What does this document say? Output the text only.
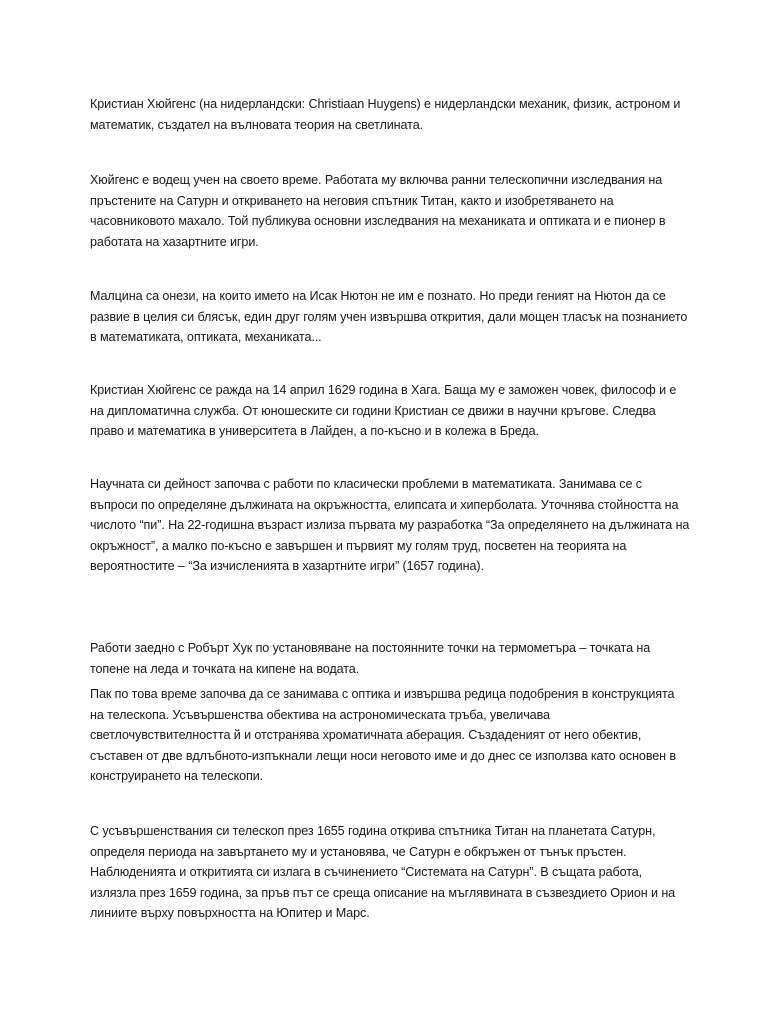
Кристиан Хюйгенс (на нидерландски: Christiaan Huygens) е нидерландски механик, физик, астроном и математик, създател на вълновата теория на светлината.

Хюйгенс е водещ учен на своето време. Работата му включва ранни телескопични изследвания на пръстените на Сатурн и откриването на неговия спътник Титан, както и изобретяването на часовниковото махало. Той публикува основни изследвания на механиката и оптиката и е пионер в работата на хазартните игри.

Малцина са онези, на които името на Исак Нютон не им е познато. Но преди геният на Нютон да се развие в целия си блясък, един друг голям учен извършва открития, дали мощен тласък на познанието в математиката, оптиката, механиката...

Кристиан Хюйгенс се ражда на 14 април 1629 година в Хага. Баща му е заможен човек, философ и е на дипломатична служба. От юношеските си години Кристиан се движи в научни кръгове. Следва право и математика в университета в Лайден, а по-късно и в колежа в Бреда.

Научната си дейност започва с работи по класически проблеми в математиката. Занимава се с въпроси по определяне дължината на окръжността, елипсата и хиперболата. Уточнява стойността на числото “пи”. На 22-годишна възраст излиза първата му разработка “За определянето на дължината на окръжност”, а малко по-късно е завършен и първият му голям труд, посветен на теорията на вероятностите – “За изчисленията в хазартните игри” (1657 година).

Работи заедно с Робърт Хук по установяване на постоянните точки на термометъра – точката на топене на леда и точката на кипене на водата.

Пак по това време започва да се занимава с оптика и извършва редица подобрения в конструкцията на телескопа. Усъвършенства обектива на астрономическата тръба, увеличава светлочувствителността й и отстранява хроматичната аберация. Създаденият от него обектив, съставен от две вдлъбното-изпъкнали лещи носи неговото име и до днес се използва като основен в конструирането на телескопи.

С усъвършенствания си телескоп през 1655 година открива спътника Титан на планетата Сатурн, определя периода на завъртането му и установява, че Сатурн е обкръжен от тънък пръстен. Наблюденията и откритията си излага в съчинението “Системата на Сатурн”. В същата работа, излязла през 1659 година, за пръв път се среща описание на мъглявината в съзвездието Орион и на линиите върху повърхността на Юпитер и Марс.
